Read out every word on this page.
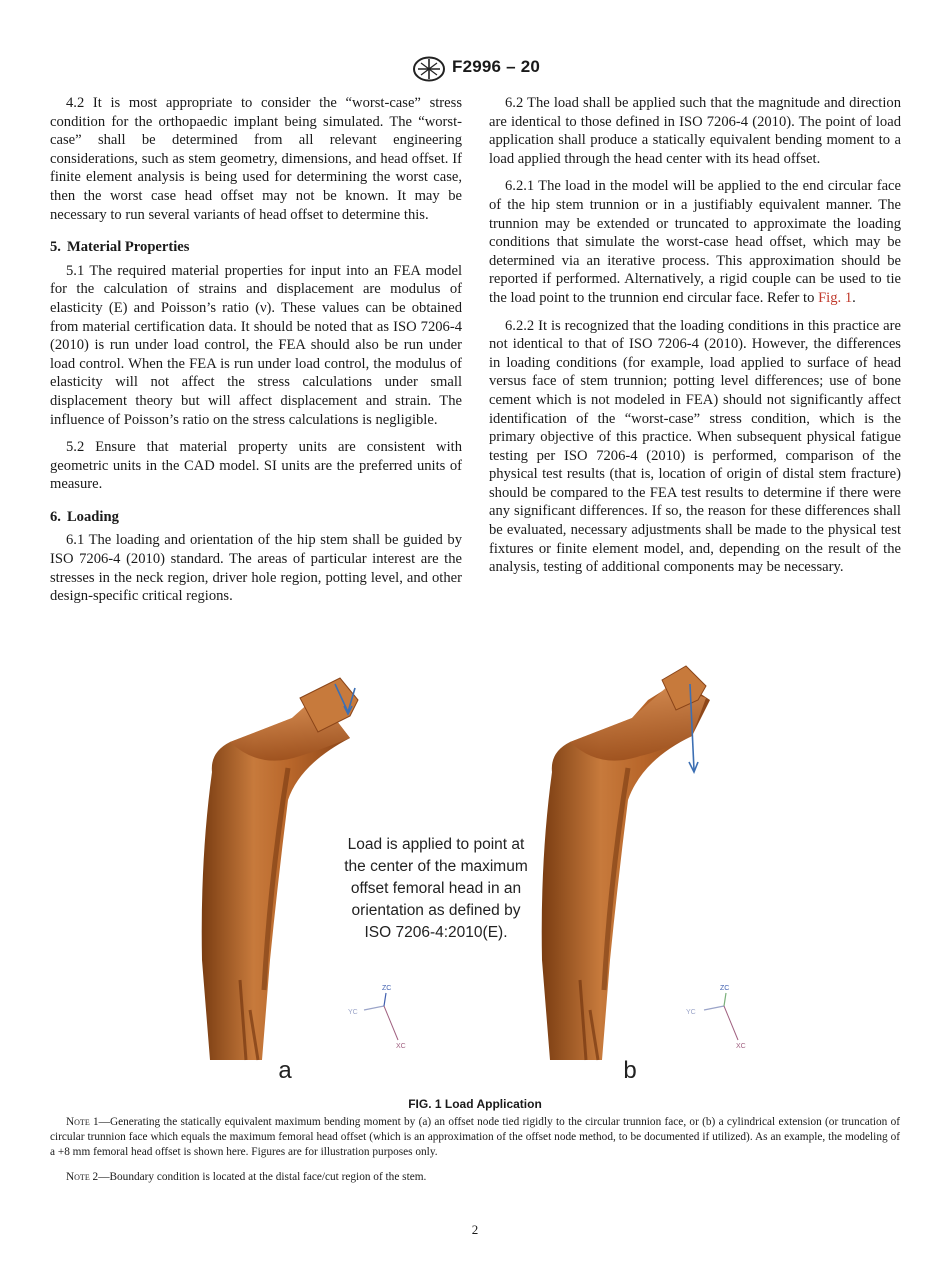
F2996 – 20

4.2 It is most appropriate to consider the “worst-case” stress condition for the orthopaedic implant being simulated. The “worst-case” shall be determined from all relevant engineering considerations, such as stem geometry, dimensions, and head offset. If finite element analysis is being used for determining the worst case, then the worst case head offset may not be known. It may be necessary to run several variants of head offset to determine this.

5. Material Properties

5.1 The required material properties for input into an FEA model for the calculation of strains and displacement are modulus of elasticity (E) and Poisson’s ratio (ν). These values can be obtained from material certification data. It should be noted that as ISO 7206-4 (2010) is run under load control, the FEA should also be run under load control. When the FEA is run under load control, the modulus of elasticity will not affect the stress calculations under small displacement theory but will affect displacement and strain. The influence of Poisson’s ratio on the stress calculations is negligible.

5.2 Ensure that material property units are consistent with geometric units in the CAD model. SI units are the preferred units of measure.

6. Loading

6.1 The loading and orientation of the hip stem shall be guided by ISO 7206-4 (2010) standard. The areas of particular interest are the stresses in the neck region, driver hole region, potting level, and other design-specific critical regions.

6.2 The load shall be applied such that the magnitude and direction are identical to those defined in ISO 7206-4 (2010). The point of load application shall produce a statically equivalent bending moment to a load applied through the head center with its head offset.

6.2.1 The load in the model will be applied to the end circular face of the hip stem trunnion or in a justifiably equivalent manner. The trunnion may be extended or truncated to approximate the loading conditions that simulate the worst-case head offset, which may be determined via an iterative process. This approximation should be reported if performed. Alternatively, a rigid couple can be used to tie the load point to the trunnion end circular face. Refer to Fig. 1.

6.2.2 It is recognized that the loading conditions in this practice are not identical to that of ISO 7206-4 (2010). However, the differences in loading conditions (for example, load applied to surface of head versus face of stem trunnion; potting level differences; use of bone cement which is not modeled in FEA) should not significantly affect identification of the “worst-case” stress condition, which is the primary objective of this practice. When subsequent physical fatigue testing per ISO 7206-4 (2010) is performed, comparison of the physical test results (that is, location of origin of distal stem fracture) should be compared to the FEA test results to determine if there were any significant differences. If so, the reason for these differences shall be evaluated, necessary adjustments shall be made to the physical test fixtures or finite element model, and, depending on the result of the analysis, testing of additional components may be necessary.

Load is applied to point at
the center of the maximum
offset femoral head in an
orientation as defined by
ISO 7206-4:2010(E).
YC
ZC
XC
YC
ZC
XC
a	b
FIG. 1 Load Application

Note 1—Generating the statically equivalent maximum bending moment by (a) an offset node tied rigidly to the circular trunnion face, or (b) a cylindrical extension (or truncation of circular trunnion face which equals the maximum femoral head offset (which is an approximation of the offset node method, to be documented if utilized). As an example, the modeling of a +8 mm femoral head offset is shown here. Figures are for illustration purposes only.

Note 2—Boundary condition is located at the distal face/cut region of the stem.

2
